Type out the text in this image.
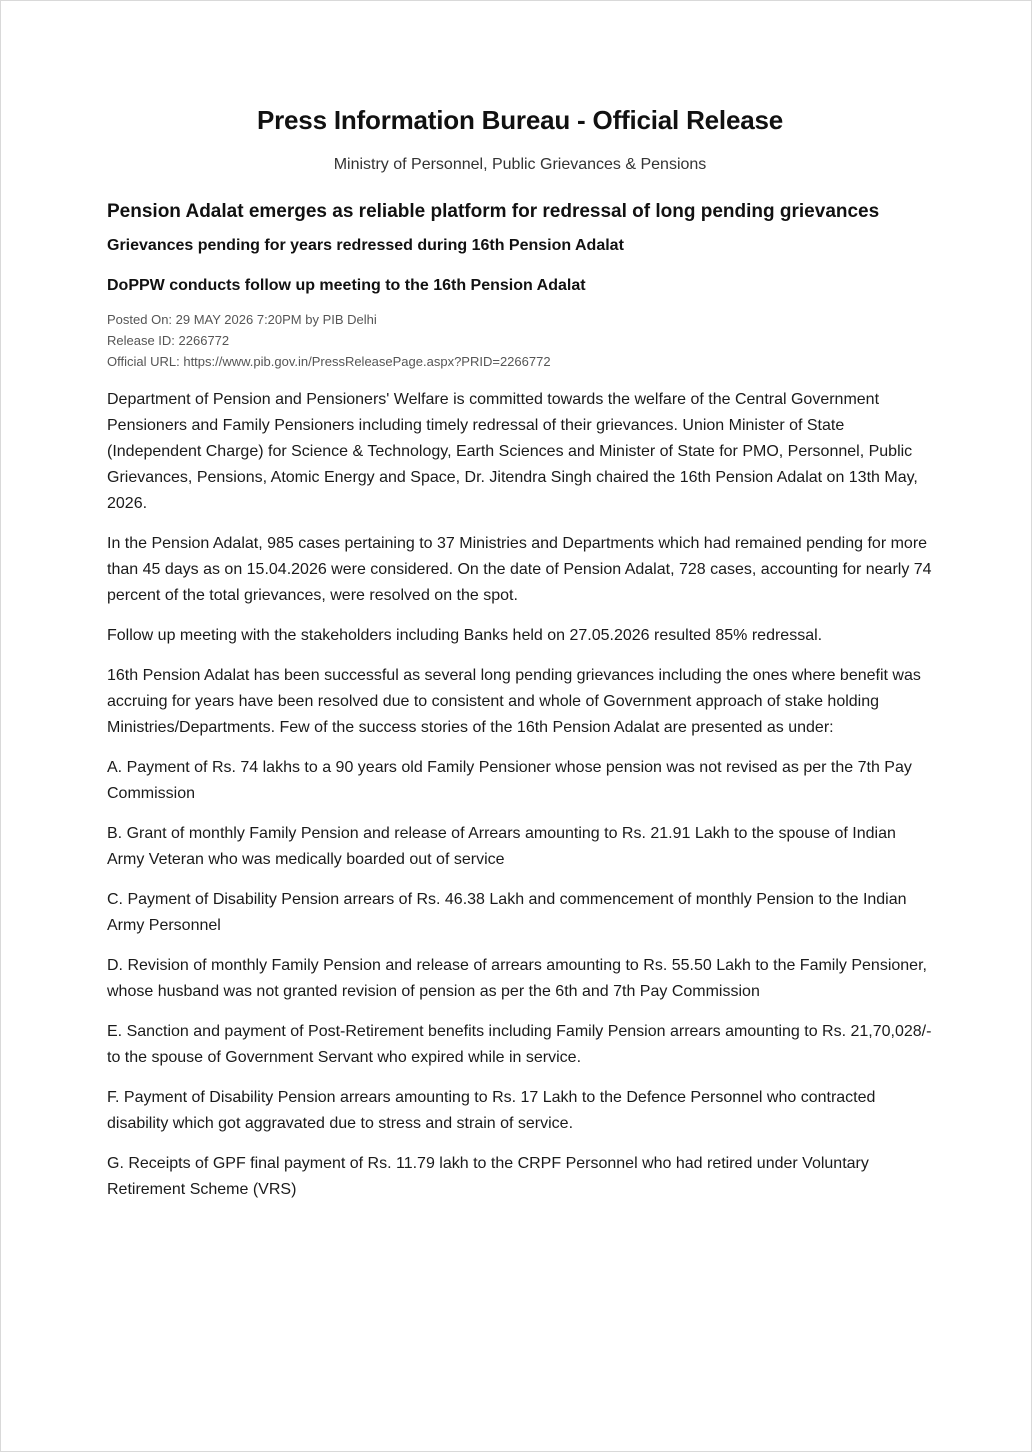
Press Information Bureau - Official Release
Ministry of Personnel, Public Grievances & Pensions
Pension Adalat emerges as reliable platform for redressal of long pending grievances
Grievances pending for years redressed during 16th Pension Adalat
DoPPW conducts follow up meeting to the 16th Pension Adalat
Posted On: 29 MAY 2026 7:20PM by PIB Delhi
Release ID: 2266772
Official URL: https://www.pib.gov.in/PressReleasePage.aspx?PRID=2266772

Department of Pension and Pensioners' Welfare is committed towards the welfare of the Central Government Pensioners and Family Pensioners including timely redressal of their grievances. Union Minister of State (Independent Charge) for Science & Technology, Earth Sciences and Minister of State for PMO, Personnel, Public Grievances, Pensions, Atomic Energy and Space, Dr. Jitendra Singh chaired the 16th Pension Adalat on 13th May, 2026.

In the Pension Adalat, 985 cases pertaining to 37 Ministries and Departments which had remained pending for more than 45 days as on 15.04.2026 were considered. On the date of Pension Adalat, 728 cases, accounting for nearly 74 percent of the total grievances, were resolved on the spot.

Follow up meeting with the stakeholders including Banks held on 27.05.2026 resulted 85% redressal.

16th Pension Adalat has been successful as several long pending grievances including the ones where benefit was accruing for years have been resolved due to consistent and whole of Government approach of stake holding Ministries/Departments. Few of the success stories of the 16th Pension Adalat are presented as under:

A. Payment of Rs. 74 lakhs to a 90 years old Family Pensioner whose pension was not revised as per the 7th Pay Commission

B. Grant of monthly Family Pension and release of Arrears amounting to Rs. 21.91 Lakh to the spouse of Indian Army Veteran who was medically boarded out of service

C. Payment of Disability Pension arrears of Rs. 46.38 Lakh and commencement of monthly Pension to the Indian Army Personnel

D. Revision of monthly Family Pension and release of arrears amounting to Rs. 55.50 Lakh to the Family Pensioner, whose husband was not granted revision of pension as per the 6th and 7th Pay Commission

E. Sanction and payment of Post-Retirement benefits including Family Pension arrears amounting to Rs. 21,70,028/- to the spouse of Government Servant who expired while in service.

F. Payment of Disability Pension arrears amounting to Rs. 17 Lakh to the Defence Personnel who contracted disability which got aggravated due to stress and strain of service.

G. Receipts of GPF final payment of Rs. 11.79 lakh to the CRPF Personnel who had retired under Voluntary Retirement Scheme (VRS)
